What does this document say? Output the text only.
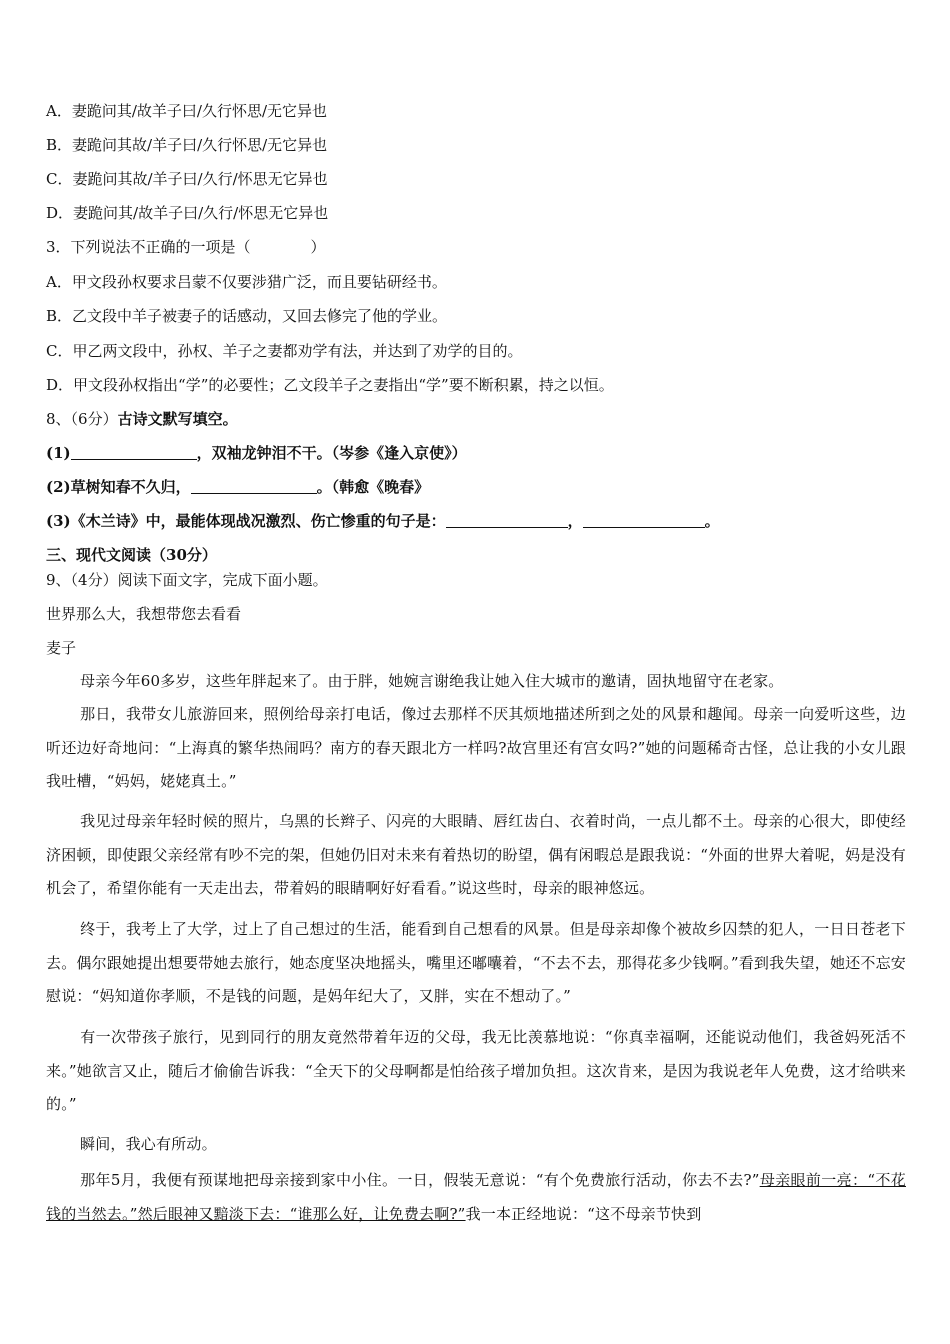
A．妻跪问其/故羊子曰/久行怀思/无它异也
B．妻跪问其故/羊子曰/久行怀思/无它异也
C．妻跪问其故/羊子曰/久行/怀思无它异也
D．妻跪问其/故羊子曰/久行/怀思无它异也
3．下列说法不正确的一项是（　　　　）
A．甲文段孙权要求吕蒙不仅要涉猎广泛，而且要钻研经书。
B．乙文段中羊子被妻子的话感动，又回去修完了他的学业。
C．甲乙两文段中，孙权、羊子之妻都劝学有法，并达到了劝学的目的。
D．甲文段孙权指出“学”的必要性；乙文段羊子之妻指出“学”要不断积累，持之以恒。
8、（6分）古诗文默写填空。
(1)	，双袖龙钟泪不干。（岑参《逢入京使》）
(2)草树知春不久归，	。（韩愈《晚春》
(3)《木兰诗》中，最能体现战况激烈、伤亡惨重的句子是：	，	。
三、现代文阅读（30分）
9、（4分）阅读下面文字，完成下面小题。
世界那么大，我想带您去看看
麦子
母亲今年60多岁，这些年胖起来了。由于胖，她婉言谢绝我让她入住大城市的邀请，固执地留守在老家。
那日，我带女儿旅游回来，照例给母亲打电话，像过去那样不厌其烦地描述所到之处的风景和趣闻。母亲一向爱听这些，边听还边好奇地问：“上海真的繁华热闹吗？南方的春天跟北方一样吗?故宫里还有宫女吗?”她的问题稀奇古怪，总让我的小女儿跟我吐槽，“妈妈，姥姥真土。”
我见过母亲年轻时候的照片，乌黑的长辫子、闪亮的大眼睛、唇红齿白、衣着时尚，一点儿都不土。母亲的心很大，即使经济困顿，即使跟父亲经常有吵不完的架，但她仍旧对未来有着热切的盼望，偶有闲暇总是跟我说：“外面的世界大着呢，妈是没有机会了，希望你能有一天走出去，带着妈的眼睛啊好好看看。”说这些时，母亲的眼神悠远。
终于，我考上了大学，过上了自己想过的生活，能看到自己想看的风景。但是母亲却像个被故乡囚禁的犯人，一日日苍老下去。偶尔跟她提出想要带她去旅行，她态度坚决地摇头，嘴里还嘟囔着，“不去不去，那得花多少钱啊。”看到我失望，她还不忘安慰说：“妈知道你孝顺，不是钱的问题，是妈年纪大了，又胖，实在不想动了。”
有一次带孩子旅行，见到同行的朋友竟然带着年迈的父母，我无比羡慕地说：“你真幸福啊，还能说动他们，我爸妈死活不来。”她欲言又止，随后才偷偷告诉我：“全天下的父母啊都是怕给孩子增加负担。这次肯来，是因为我说老年人免费，这才给哄来的。”
瞬间，我心有所动。
那年5月，我便有预谋地把母亲接到家中小住。一日，假装无意说：“有个免费旅行活动，你去不去?”母亲眼前一亮：“不花钱的当然去。”然后眼神又黯淡下去：“谁那么好，让免费去啊?”我一本正经地说：“这不母亲节快到
